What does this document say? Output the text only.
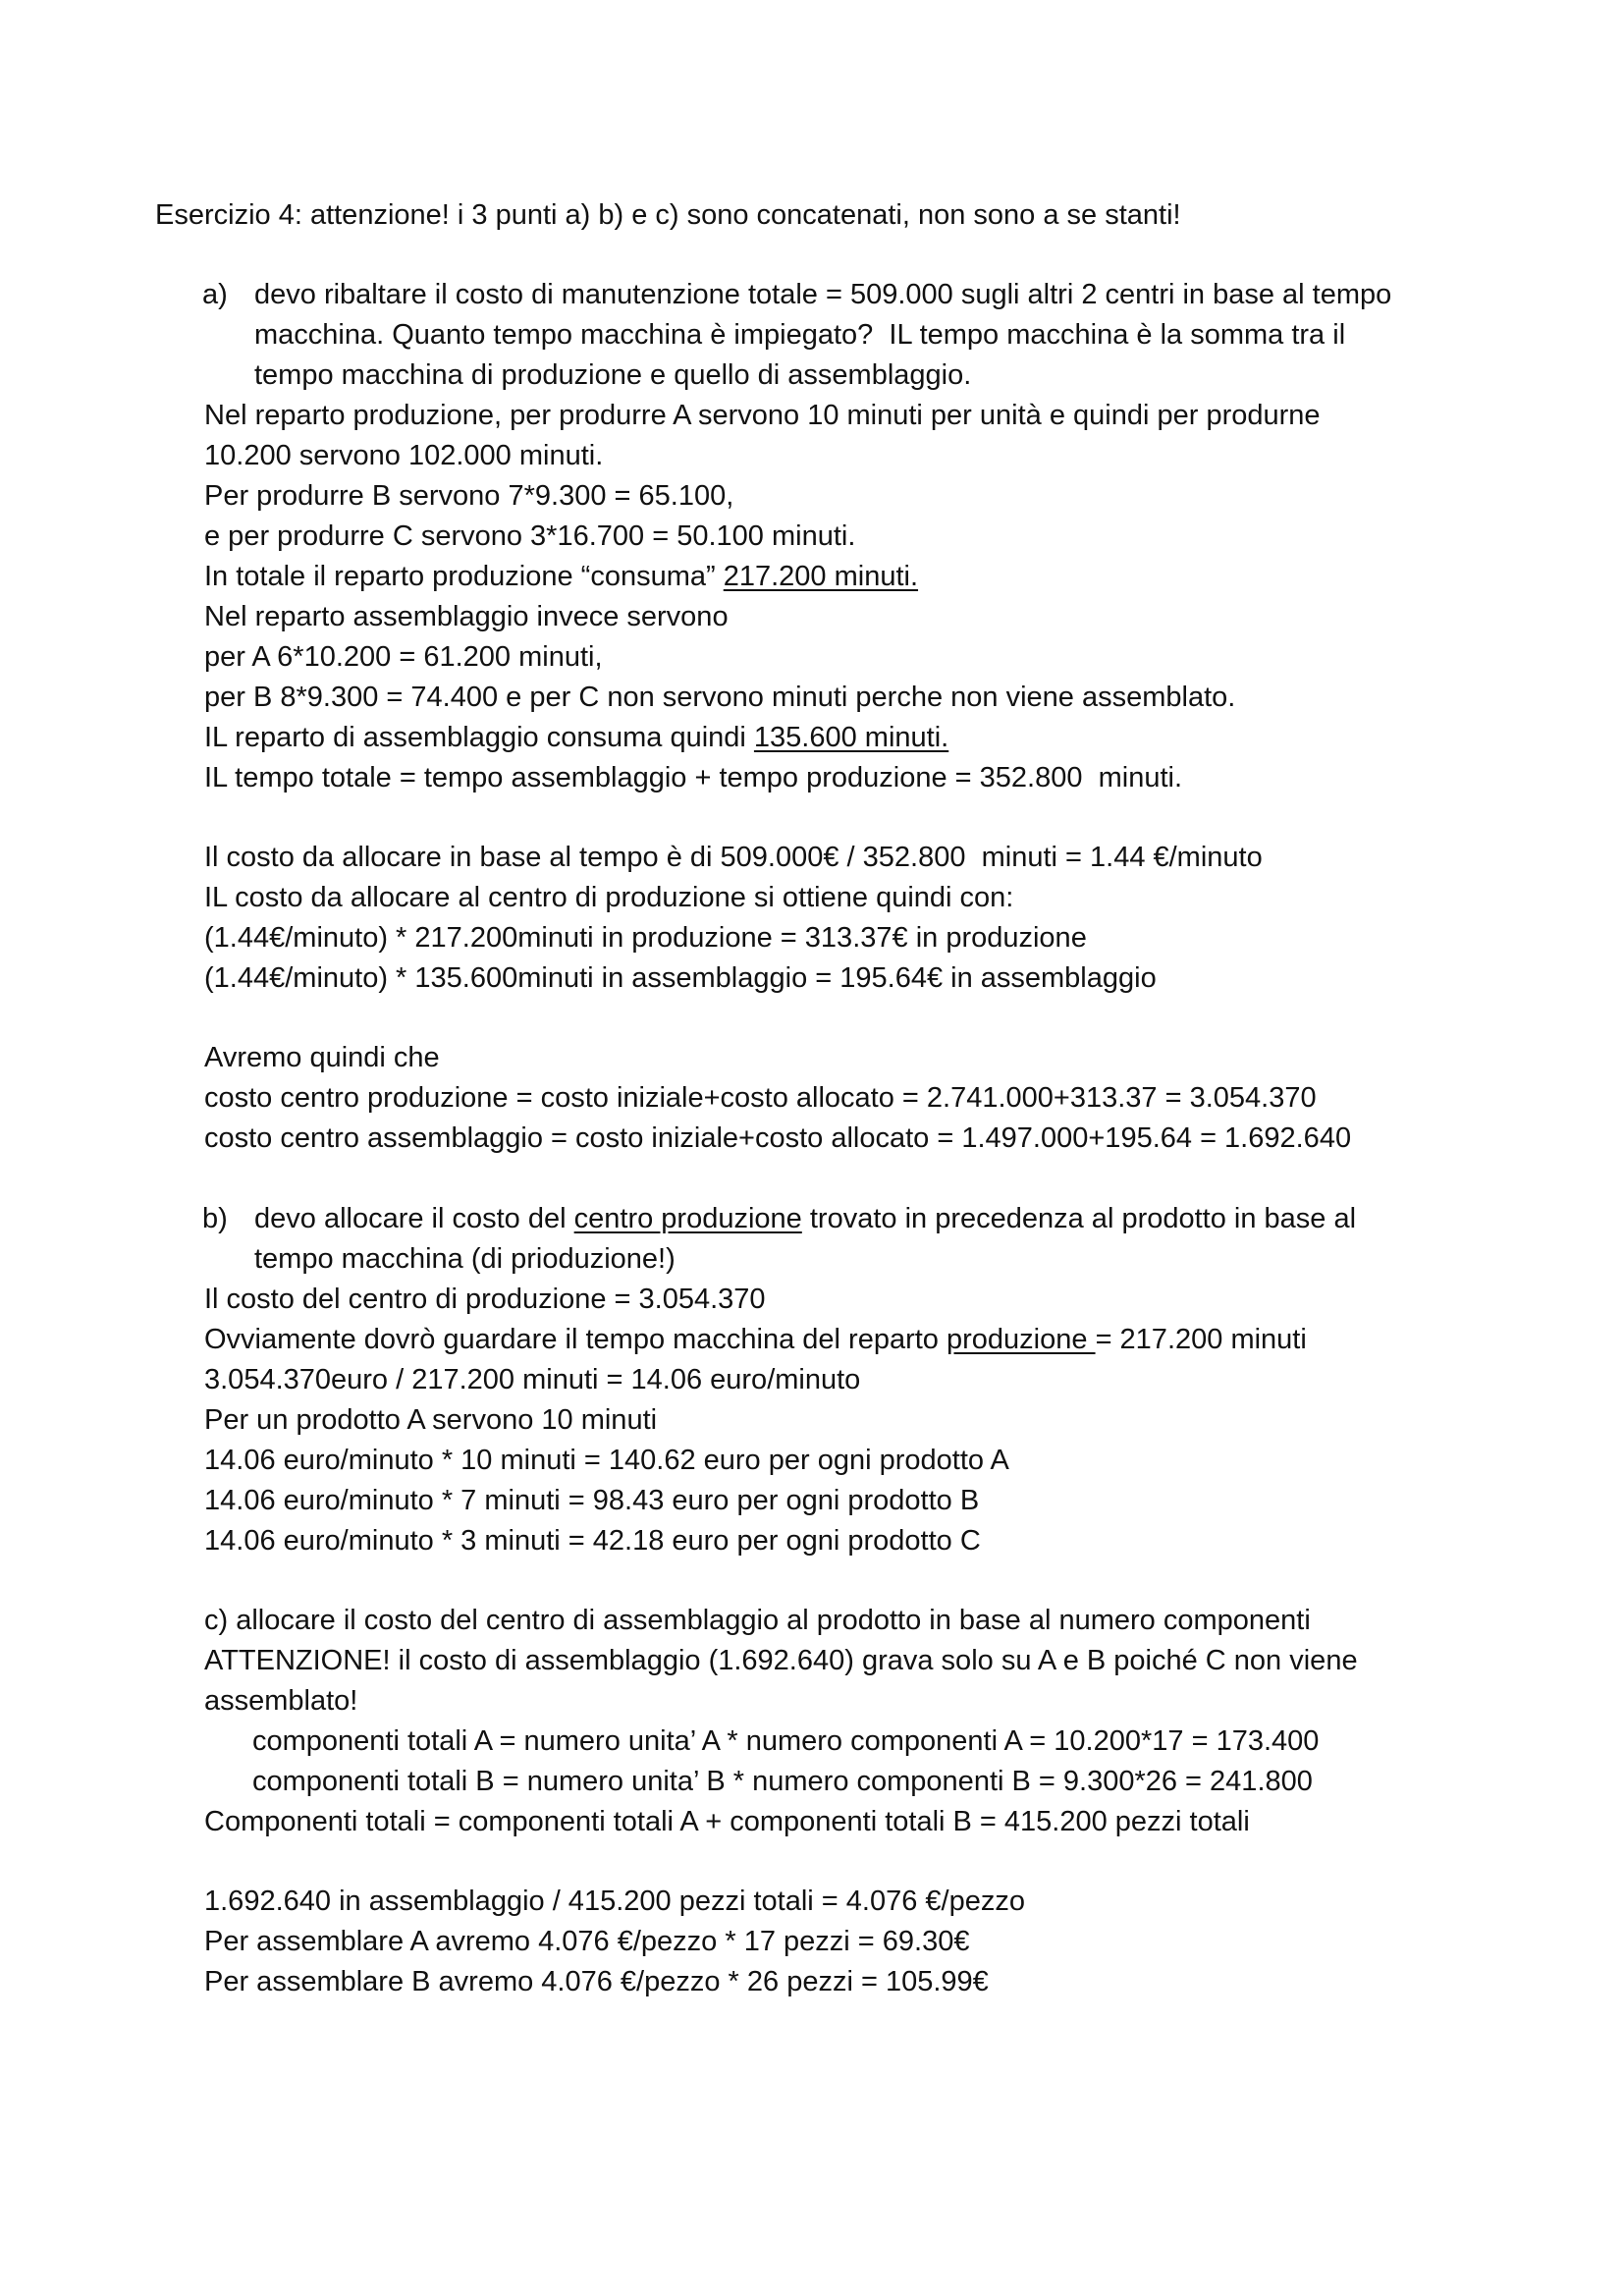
Esercizio 4: attenzione! i 3 punti a) b) e c) sono concatenati, non sono a se stanti!
a) devo ribaltare il costo di manutenzione totale = 509.000 sugli altri 2 centri in base al tempo
macchina. Quanto tempo macchina è impiegato?  IL tempo macchina è la somma tra il
tempo macchina di produzione e quello di assemblaggio.
Nel reparto produzione, per produrre A servono 10 minuti per unità e quindi per produrne
10.200 servono 102.000 minuti.
Per produrre B servono 7*9.300 = 65.100,
e per produrre C servono 3*16.700 = 50.100 minuti.
In totale il reparto produzione “consuma” 217.200 minuti.
Nel reparto assemblaggio invece servono
per A 6*10.200 = 61.200 minuti,
per B 8*9.300 = 74.400 e per C non servono minuti perche non viene assemblato.
IL reparto di assemblaggio consuma quindi 135.600 minuti.
IL tempo totale = tempo assemblaggio + tempo produzione = 352.800  minuti.
Il costo da allocare in base al tempo è di 509.000€ / 352.800  minuti = 1.44 €/minuto
IL costo da allocare al centro di produzione si ottiene quindi con:
(1.44€/minuto) * 217.200minuti in produzione = 313.37€ in produzione
(1.44€/minuto) * 135.600minuti in assemblaggio = 195.64€ in assemblaggio
Avremo quindi che
costo centro produzione = costo iniziale+costo allocato = 2.741.000+313.37 = 3.054.370
costo centro assemblaggio = costo iniziale+costo allocato = 1.497.000+195.64 = 1.692.640
b) devo allocare il costo del centro produzione trovato in precedenza al prodotto in base al
tempo macchina (di prioduzione!)
Il costo del centro di produzione = 3.054.370
Ovviamente dovrò guardare il tempo macchina del reparto produzione = 217.200 minuti
3.054.370euro / 217.200 minuti = 14.06 euro/minuto
Per un prodotto A servono 10 minuti
14.06 euro/minuto * 10 minuti = 140.62 euro per ogni prodotto A
14.06 euro/minuto * 7 minuti = 98.43 euro per ogni prodotto B
14.06 euro/minuto * 3 minuti = 42.18 euro per ogni prodotto C
c) allocare il costo del centro di assemblaggio al prodotto in base al numero componenti
ATTENZIONE! il costo di assemblaggio (1.692.640) grava solo su A e B poiché C non viene
assemblato!
componenti totali A = numero unita’ A * numero componenti A = 10.200*17 = 173.400
componenti totali B = numero unita’ B * numero componenti B = 9.300*26 = 241.800
Componenti totali = componenti totali A + componenti totali B = 415.200 pezzi totali
1.692.640 in assemblaggio / 415.200 pezzi totali = 4.076 €/pezzo
Per assemblare A avremo 4.076 €/pezzo * 17 pezzi = 69.30€
Per assemblare B avremo 4.076 €/pezzo * 26 pezzi = 105.99€
